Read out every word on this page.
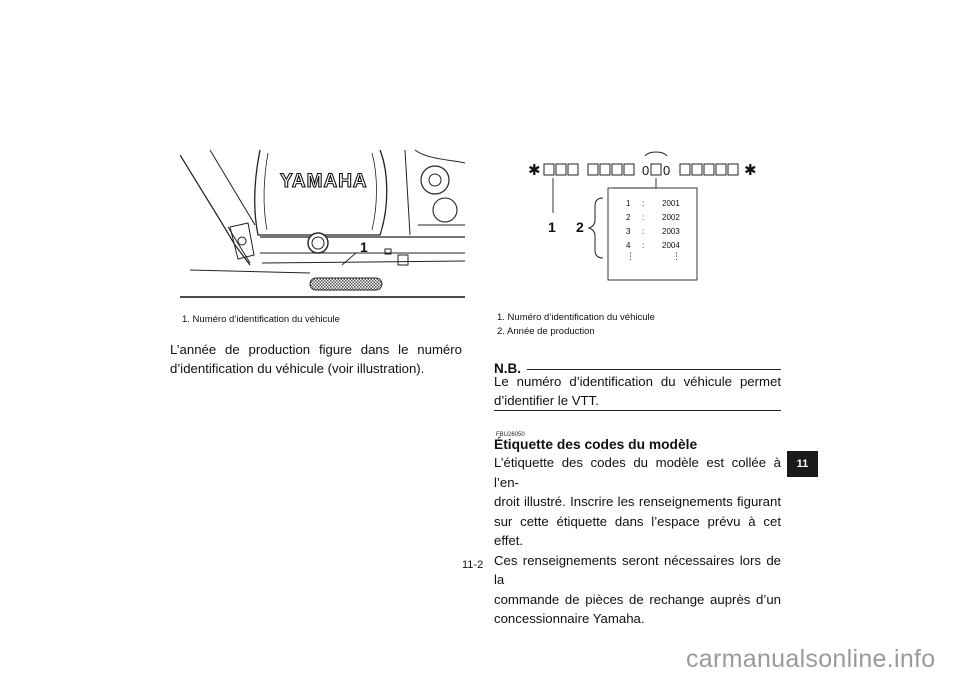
YAMAHA
1
1. Numéro d’identification du véhicule
L’année de production figure dans le numéro
d’identification du véhicule (voir illustration).
✱	✱
0 0
1 2
1	:	2001
2	:	2002
3	:	2003
4	:	2004
⋮	⋮
1. Numéro d’identification du véhicule
2. Année de production
N.B.
Le numéro d’identification du véhicule permet
d’identifier le VTT.
FBU26050
Étiquette des codes du modèle
L’étiquette des codes du modèle est collée à l’en-
droit illustré. Inscrire les renseignements figurant
sur cette étiquette dans l’espace prévu à cet effet.
Ces renseignements seront nécessaires lors de la
commande de pièces de rechange auprès d’un
concessionnaire Yamaha.
11
11-2
carmanualsonline.info
